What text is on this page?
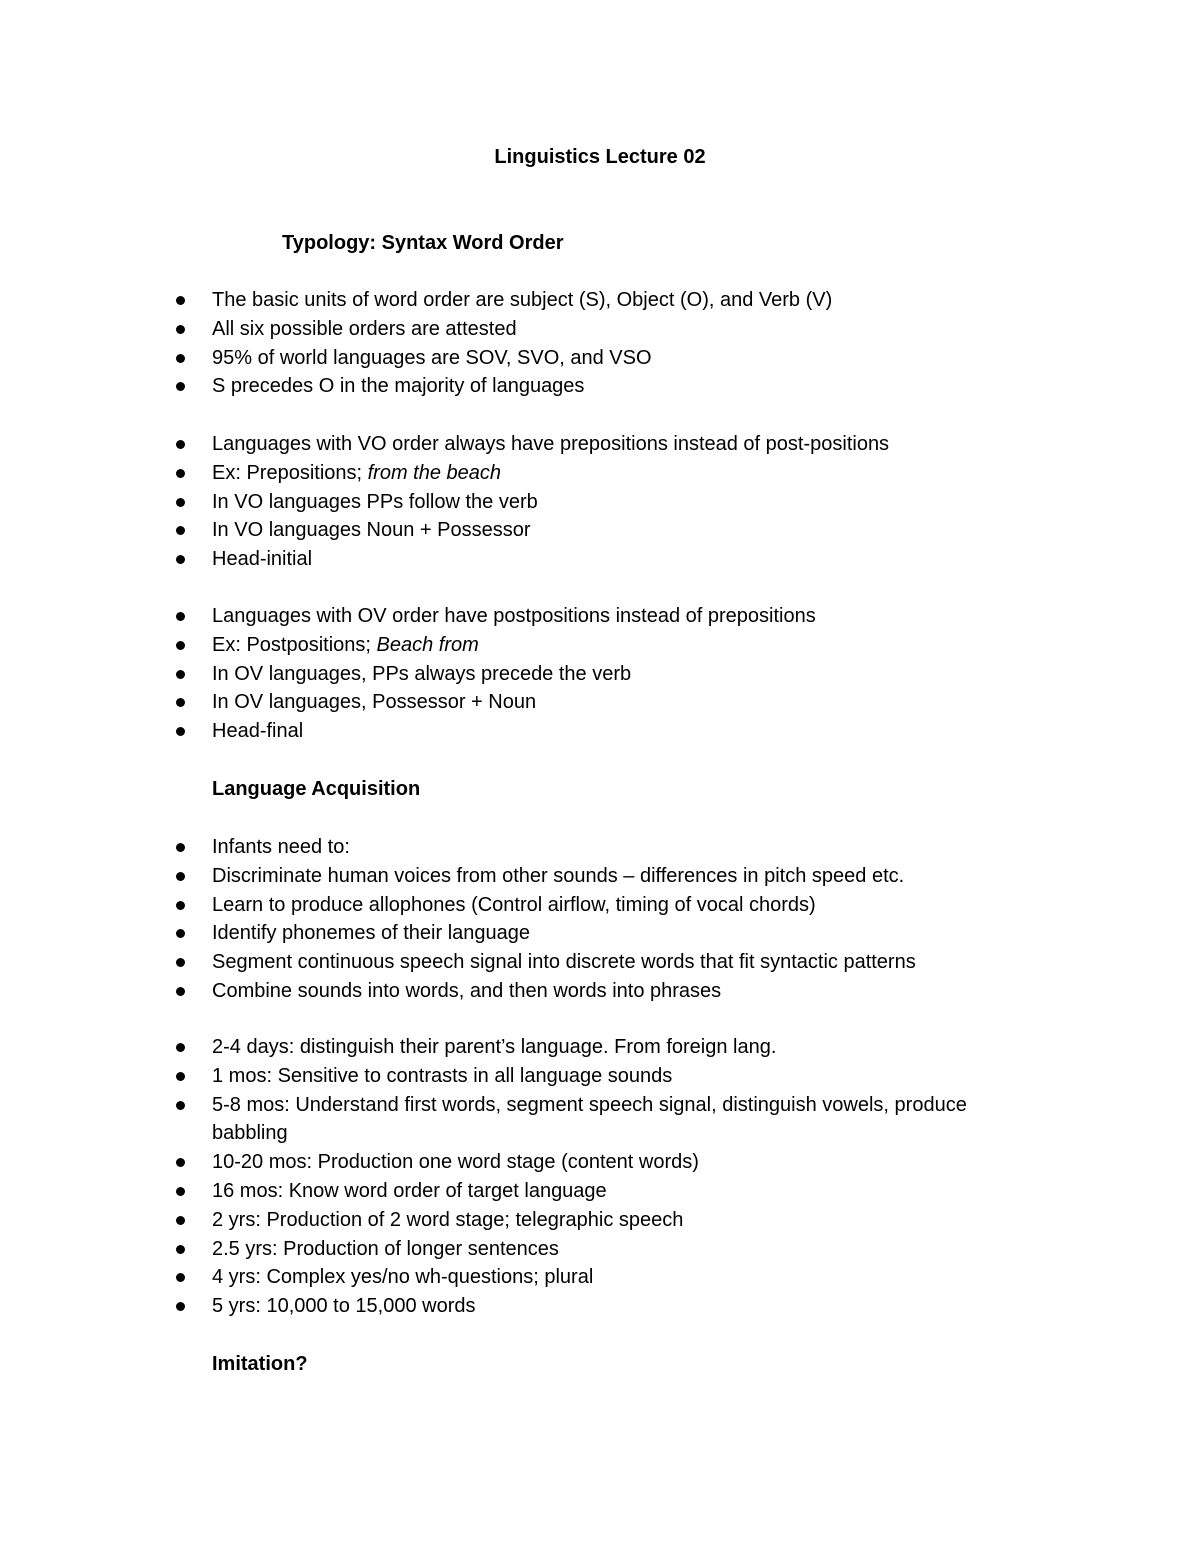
Linguistics Lecture 02
Typology: Syntax Word Order
The basic units of word order are subject (S), Object (O), and Verb (V)
All six possible orders are attested
95% of world languages are SOV, SVO, and VSO
S precedes O in the majority of languages
Languages with VO order always have prepositions instead of post-positions
Ex: Prepositions; from the beach
In VO languages PPs follow the verb
In VO languages Noun + Possessor
Head-initial
Languages with OV order have postpositions instead of prepositions
Ex: Postpositions; Beach from
In OV languages, PPs always precede the verb
In OV languages, Possessor + Noun
Head-final
Language Acquisition
Infants need to:
Discriminate human voices from other sounds – differences in pitch speed etc.
Learn to produce allophones (Control airflow, timing of vocal chords)
Identify phonemes of their language
Segment continuous speech signal into discrete words that fit syntactic patterns
Combine sounds into words, and then words into phrases
2-4 days: distinguish their parent’s language. From foreign lang.
1 mos: Sensitive to contrasts in all language sounds
5-8 mos: Understand first words, segment speech signal, distinguish vowels, produce babbling
10-20 mos: Production one word stage (content words)
16 mos: Know word order of target language
2 yrs: Production of 2 word stage; telegraphic speech
2.5 yrs: Production of longer sentences
4 yrs: Complex yes/no wh-questions; plural
5 yrs: 10,000 to 15,000 words
Imitation?
